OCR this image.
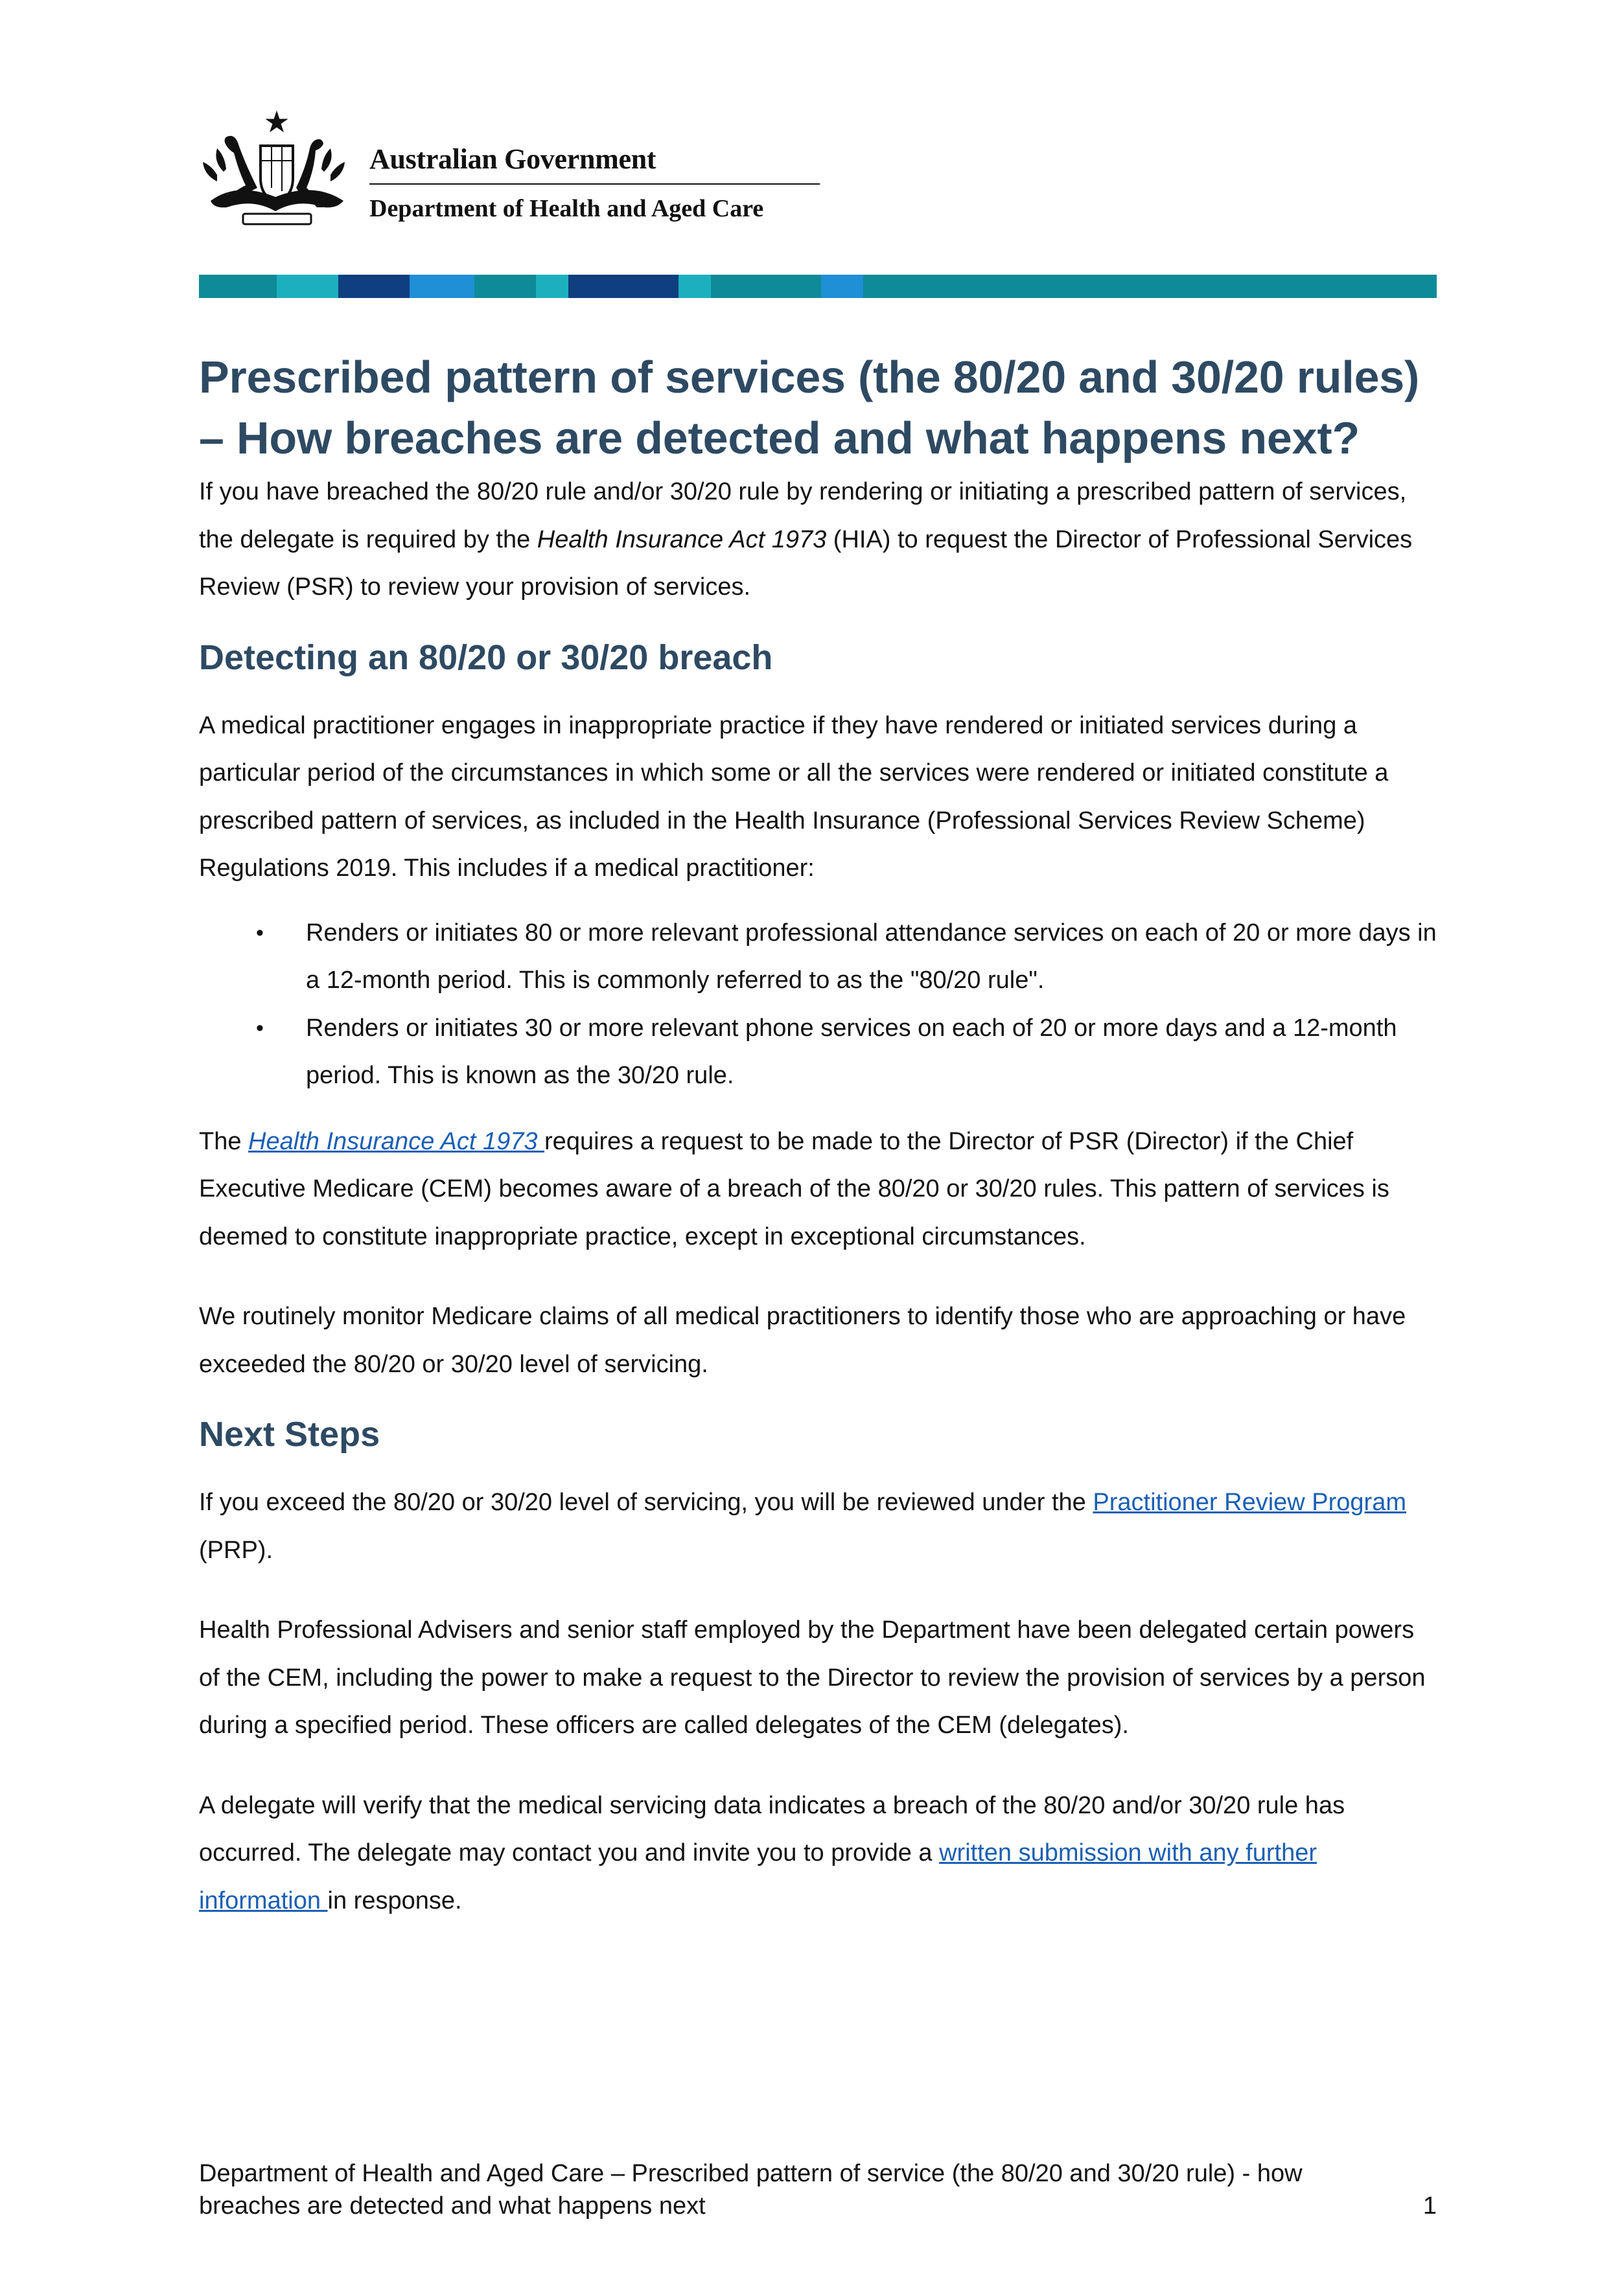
Australian Government
Department of Health and Aged Care
Prescribed pattern of services (the 80/20 and 30/20 rules) – How breaches are detected and what happens next?

If you have breached the 80/20 rule and/or 30/20 rule by rendering or initiating a prescribed pattern of services, the delegate is required by the Health Insurance Act 1973 (HIA) to request the Director of Professional Services Review (PSR) to review your provision of services.

Detecting an 80/20 or 30/20 breach

A medical practitioner engages in inappropriate practice if they have rendered or initiated services during a particular period of the circumstances in which some or all the services were rendered or initiated constitute a prescribed pattern of services, as included in the Health Insurance (Professional Services Review Scheme) Regulations 2019. This includes if a medical practitioner:

• Renders or initiates 80 or more relevant professional attendance services on each of 20 or more days in a 12-month period. This is commonly referred to as the "80/20 rule".
• Renders or initiates 30 or more relevant phone services on each of 20 or more days and a 12-month period. This is known as the 30/20 rule.

The Health Insurance Act 1973 requires a request to be made to the Director of PSR (Director) if the Chief Executive Medicare (CEM) becomes aware of a breach of the 80/20 or 30/20 rules. This pattern of services is deemed to constitute inappropriate practice, except in exceptional circumstances.

We routinely monitor Medicare claims of all medical practitioners to identify those who are approaching or have exceeded the 80/20 or 30/20 level of servicing.

Next Steps

If you exceed the 80/20 or 30/20 level of servicing, you will be reviewed under the Practitioner Review Program (PRP).

Health Professional Advisers and senior staff employed by the Department have been delegated certain powers of the CEM, including the power to make a request to the Director to review the provision of services by a person during a specified period. These officers are called delegates of the CEM (delegates).

A delegate will verify that the medical servicing data indicates a breach of the 80/20 and/or 30/20 rule has occurred. The delegate may contact you and invite you to provide a written submission with any further information in response.

Department of Health and Aged Care – Prescribed pattern of service (the 80/20 and 30/20 rule) - how
breaches are detected and what happens next	1
